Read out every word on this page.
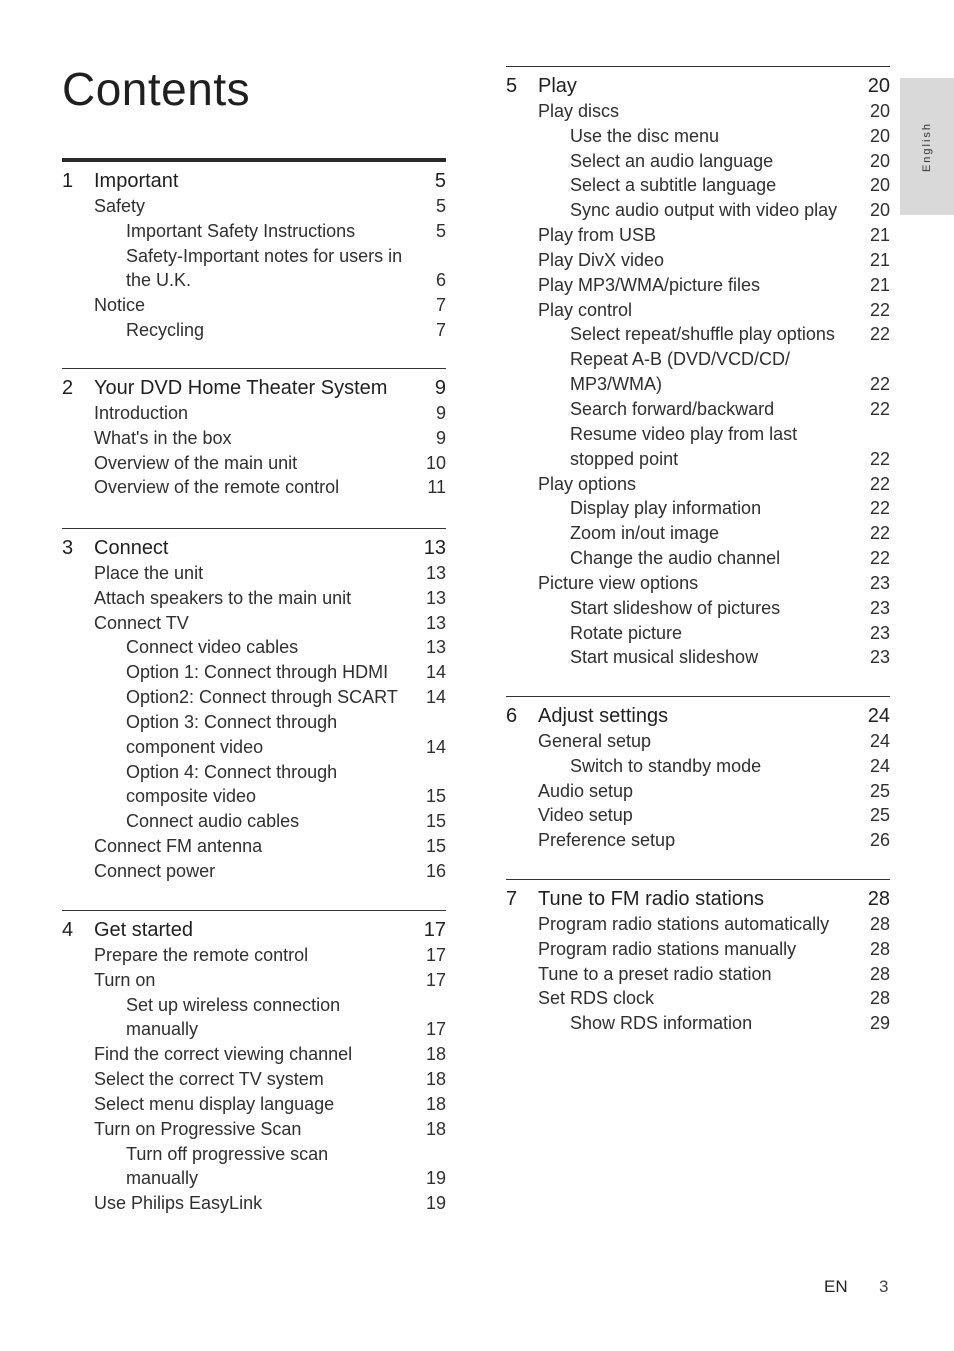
Contents
1 Important	5
Safety	5
Important Safety Instructions	5
Safety-Important notes for users in
the U.K.	6
Notice	7
Recycling	7
2 Your DVD Home Theater System 9
Introduction	9
What's in the box	9
Overview of the main unit	10
Overview of the remote control	11
3 Connect	13
Place the unit	13
Attach speakers to the main unit	13
Connect TV	13
Connect video cables	13
Option 1: Connect through HDMI 14
Option2: Connect through SCART 14
Option 3: Connect through
component video	14
Option 4: Connect through
composite video	15
Connect audio cables	15
Connect FM antenna	15
Connect power	16
4 Get started	17
Prepare the remote control	17
Turn on	17
Set up wireless connection
manually	17
Find the correct viewing channel	18
Select the correct TV system	18
Select menu display language	18
Turn on Progressive Scan	18
Turn off progressive scan
manually	19
Use Philips EasyLink	19
5 Play	20
Play discs	20
Use the disc menu	20
Select an audio language	20
Select a subtitle language	20
Sync audio output with video play 20
Play from USB	21
Play DivX video	21
Play MP3/WMA/picture files	21
Play control	22
Select repeat/shuffle play options 22
Repeat A-B (DVD/VCD/CD/
MP3/WMA)	22
Search forward/backward	22
Resume video play from last
stopped point	22
Play options	22
Display play information	22
Zoom in/out image	22
Change the audio channel	22
Picture view options	23
Start slideshow of pictures	23
Rotate picture	23
Start musical slideshow	23
6 Adjust settings	24
General setup	24
Switch to standby mode	24
Audio setup	25
Video setup	25
Preference setup	26
7 Tune to FM radio stations	28
Program radio stations automatically 28
Program radio stations manually	28
Tune to a preset radio station	28
Set RDS clock	28
Show RDS information	29
English
EN 3
